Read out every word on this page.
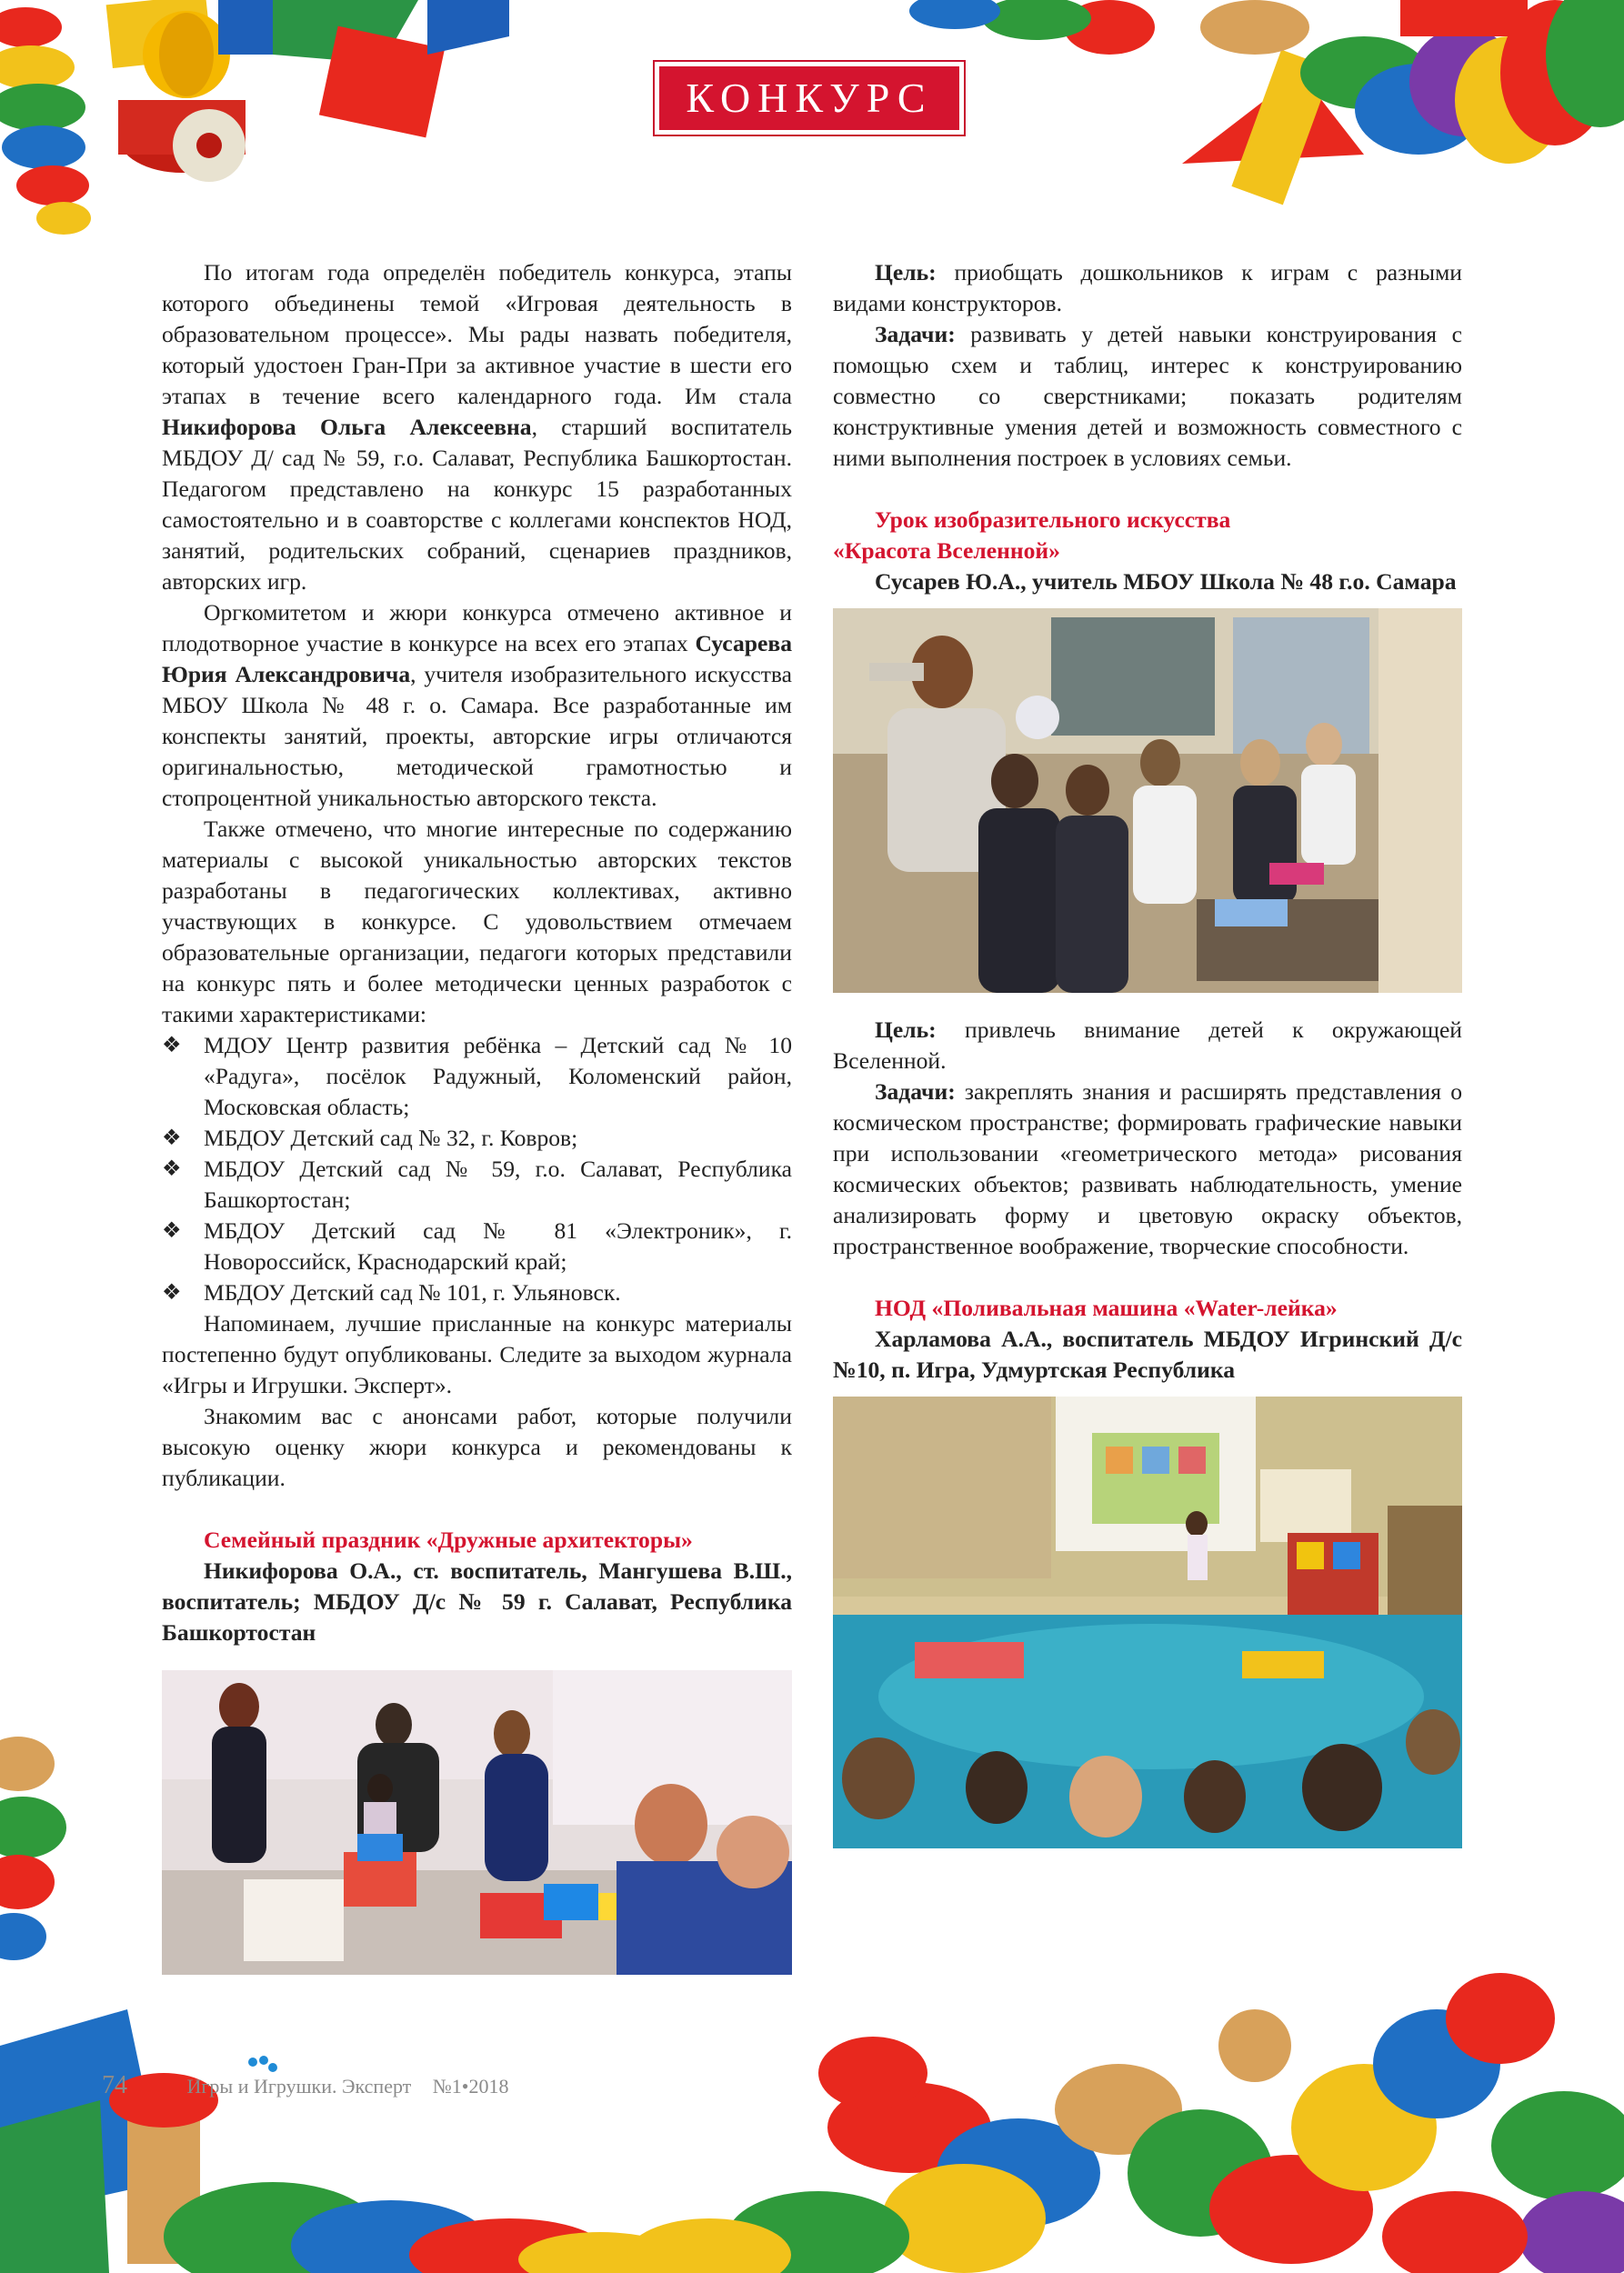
КОНКУРС

По итогам года определён победитель конкурса, этапы которого объединены темой «Игровая деятельность в образовательном процессе». Мы рады назвать победителя, который удостоен Гран-При за активное участие в шести его этапах в течение всего календарного года. Им стала Никифорова Ольга Алексеевна, старший воспитатель МБДОУ Д/ сад № 59, г.о. Салават, Республика Башкортостан. Педагогом представлено на конкурс 15 разработанных самостоятельно и в соавторстве с коллегами конспектов НОД, занятий, родительских собраний, сценариев праздников, авторских игр.

Оргкомитетом и жюри конкурса отмечено активное и плодотворное участие в конкурсе на всех его этапах Сусарева Юрия Александровича, учителя изобразительного искусства МБОУ Школа № 48 г. о. Самара. Все разработанные им конспекты занятий, проекты, авторские игры отличаются оригинальностью, методической грамотностью и стопроцентной уникальностью авторского текста.

Также отмечено, что многие интересные по содержанию материалы с высокой уникальностью авторских текстов разработаны в педагогических коллективах, активно участвующих в конкурсе. С удовольствием отмечаем образовательные организации, педагоги которых представили на конкурс пять и более методически ценных разработок с такими характеристиками:

❖ МДОУ Центр развития ребёнка – Детский сад № 10 «Радуга», посёлок Радужный, Коломенский район, Московская область;
❖ МБДОУ Детский сад № 32, г. Ковров;
❖ МБДОУ Детский сад № 59, г.о. Салават, Республика Башкортостан;
❖ МБДОУ Детский сад № 81 «Электроник», г. Новороссийск, Краснодарский край;
❖ МБДОУ Детский сад № 101, г. Ульяновск.

Напоминаем, лучшие присланные на конкурс материалы постепенно будут опубликованы. Следите за выходом журнала «Игры и Игрушки. Эксперт».

Знакомим вас с анонсами работ, которые получили высокую оценку жюри конкурса и рекомендованы к публикации.

Семейный праздник «Дружные архитекторы»

Никифорова О.А., ст. воспитатель, Мангушева В.Ш., воспитатель; МБДОУ Д/с № 59 г. Салават, Республика Башкортостан

Цель: приобщать дошкольников к играм с разными видами конструкторов.

Задачи: развивать у детей навыки конструирования с помощью схем и таблиц, интерес к конструированию совместно со сверстниками; показать родителям конструктивные умения детей и возможность совместного с ними выполнения построек в условиях семьи.

Урок изобразительного искусства
«Красота Вселенной»

Сусарев Ю.А., учитель МБОУ Школа № 48 г.о. Самара

Цель: привлечь внимание детей к окружающей Вселенной.

Задачи: закреплять знания и расширять представления о космическом пространстве; формировать графические навыки при использовании «геометрического метода» рисования космических объектов; развивать наблюдательность, умение анализировать форму и цветовую окраску объектов, пространственное воображение, творческие способности.

НОД «Поливальная машина «Water-лейка»

Харламова А.А., воспитатель МБДОУ Игринский Д/с №10, п. Игра, Удмуртская Республика

74	Игры и Игрушки. Эксперт №1•2018
